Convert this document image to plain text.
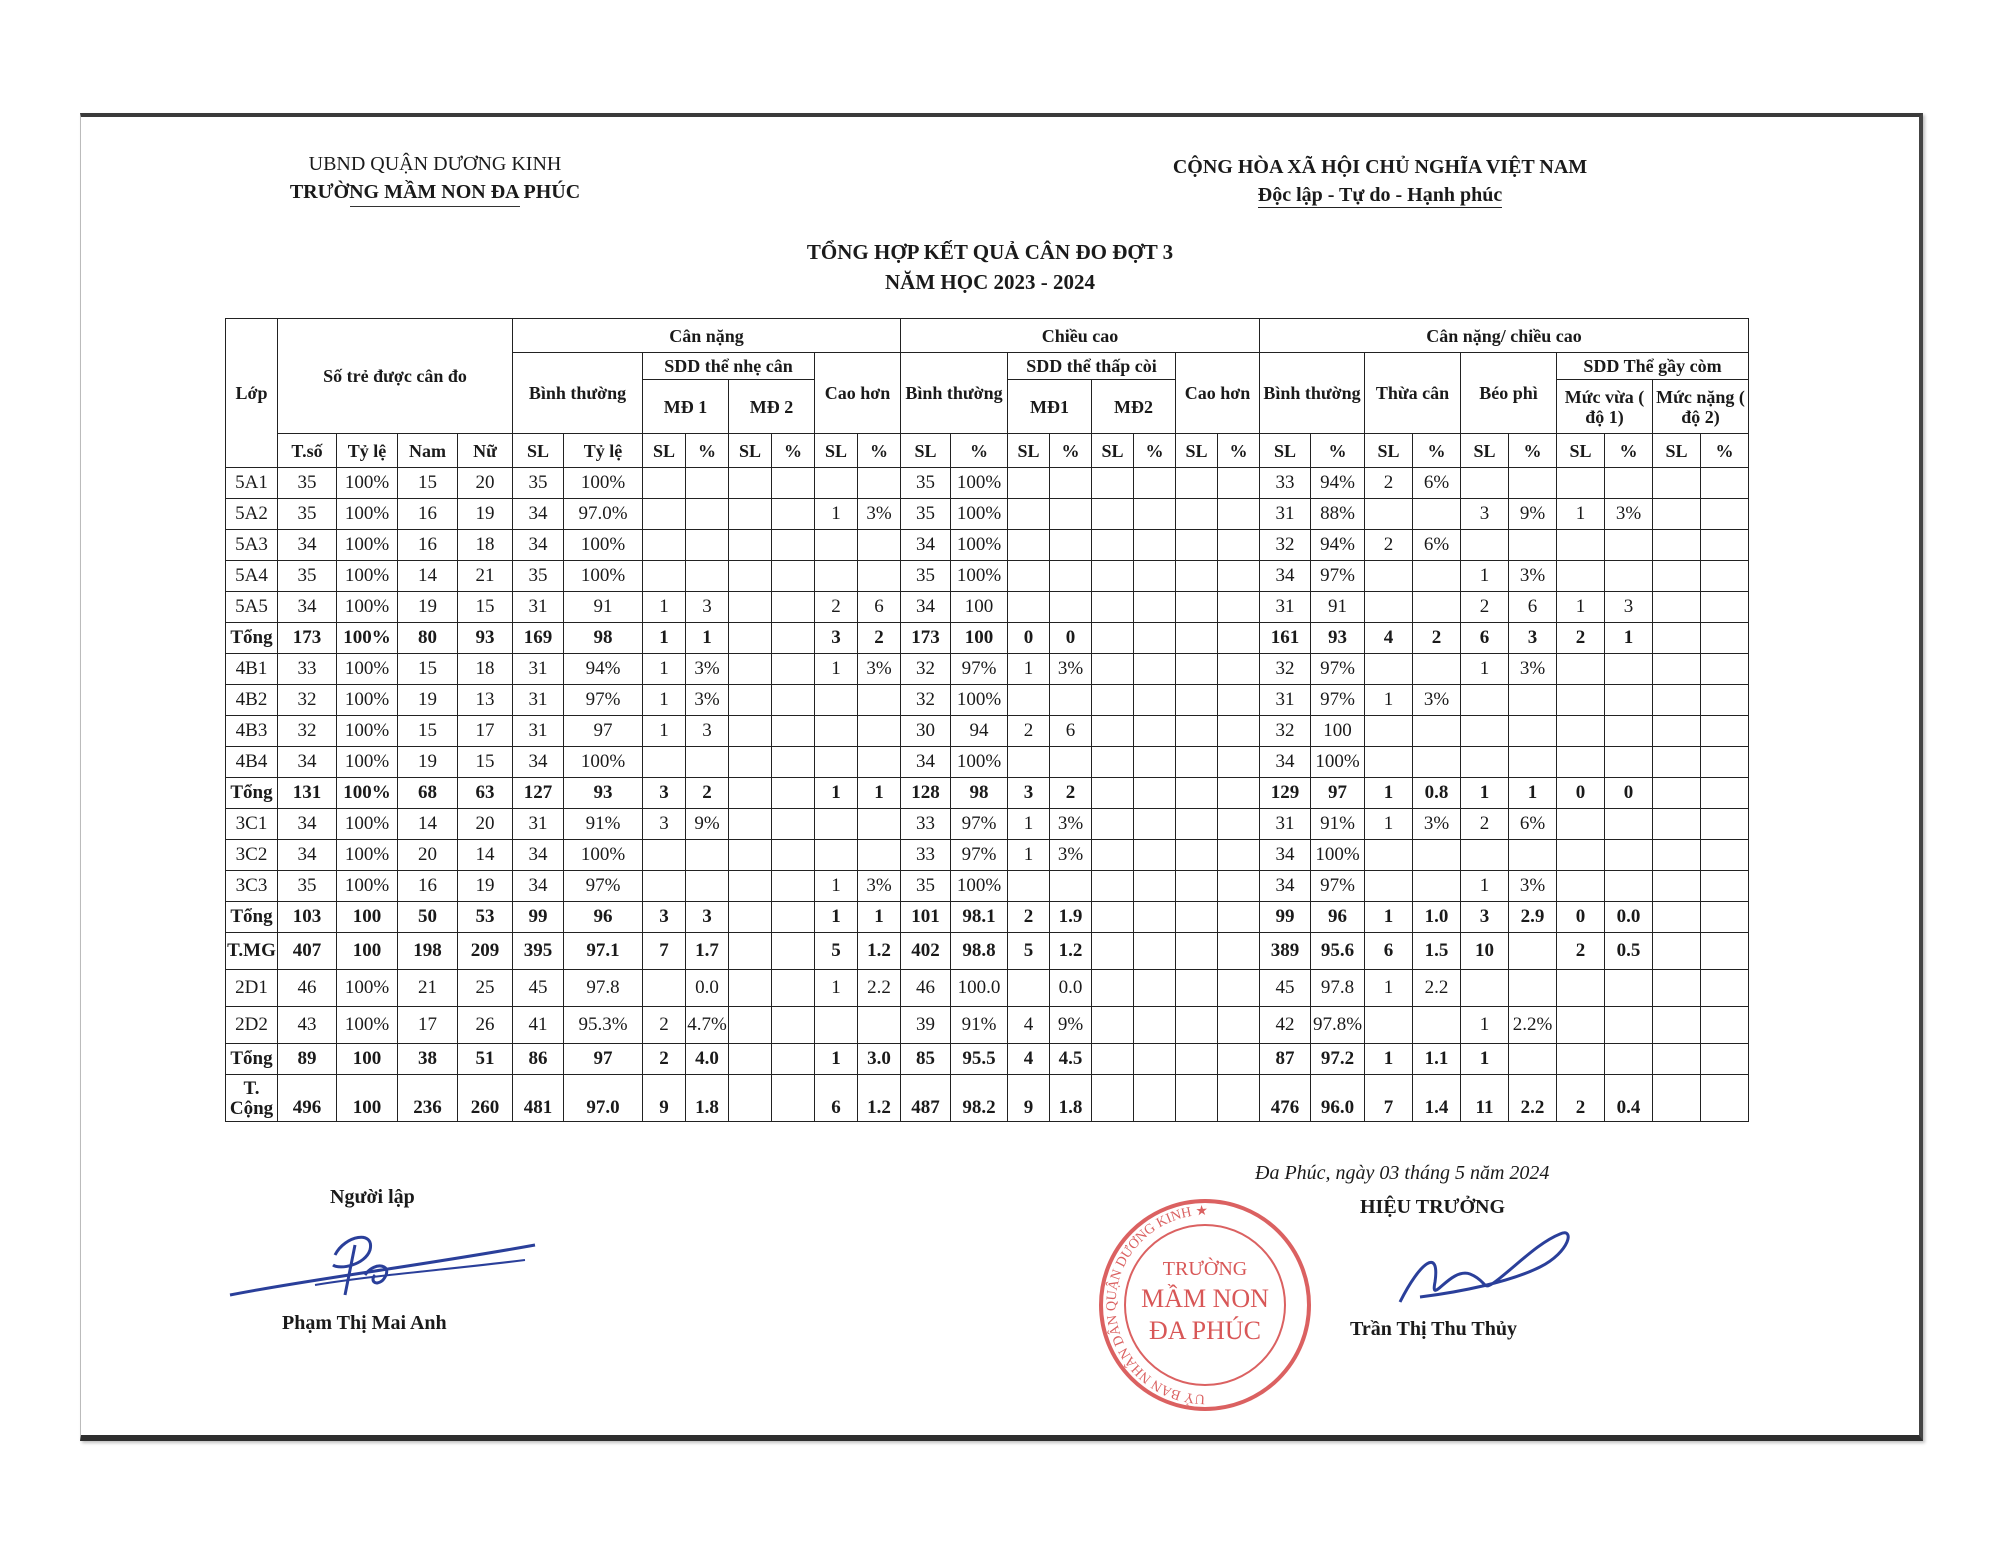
UBND QUẬN DƯƠNG KINH
TRƯỜNG MẦM NON ĐA PHÚC
CỘNG HÒA XÃ HỘI CHỦ NGHĨA VIỆT NAM
Độc lập - Tự do - Hạnh phúc
TỔNG HỢP KẾT QUẢ CÂN ĐO ĐỢT 3
NĂM HỌC 2023 - 2024
Lớp	Số trẻ được cân đo				Cân nặng								Chiều cao								Cân nặng/ chiều cao									
					Bình thường		SDD thể nhẹ cân				Cao hơn		Bình thường		SDD thể thấp còi				Cao hơn		Bình thường		Thừa cân		Béo phì		SDD Thể gầy còm			
							MĐ 1		MĐ 2						MĐ1		MĐ2										Mức vừa ( độ 1)		Mức nặng ( độ 2)	
	T.số	Tỷ lệ	Nam	Nữ	SL	Tỷ lệ	SL	%	SL	%	SL	%	SL	%	SL	%	SL	%	SL	%	SL	%	SL	%	SL	%	SL	%	SL	%
5A1	35	100%	15	20	35	100%							35	100%							33	94%	2	6%						
5A2	35	100%	16	19	34	97.0%					1	3%	35	100%							31	88%			3	9%	1	3%		
5A3	34	100%	16	18	34	100%							34	100%							32	94%	2	6%						
5A4	35	100%	14	21	35	100%							35	100%							34	97%			1	3%				
5A5	34	100%	19	15	31	91	1	3			2	6	34	100							31	91			2	6	1	3		
Tổng	173	100%	80	93	169	98	1	1			3	2	173	100	0	0					161	93	4	2	6	3	2	1		
4B1	33	100%	15	18	31	94%	1	3%			1	3%	32	97%	1	3%					32	97%			1	3%				
4B2	32	100%	19	13	31	97%	1	3%					32	100%							31	97%	1	3%						
4B3	32	100%	15	17	31	97	1	3					30	94	2	6					32	100								
4B4	34	100%	19	15	34	100%							34	100%							34	100%								
Tổng	131	100%	68	63	127	93	3	2			1	1	128	98	3	2					129	97	1	0.8	1	1	0	0		
3C1	34	100%	14	20	31	91%	3	9%					33	97%	1	3%					31	91%	1	3%	2	6%				
3C2	34	100%	20	14	34	100%							33	97%	1	3%					34	100%								
3C3	35	100%	16	19	34	97%					1	3%	35	100%							34	97%			1	3%				
Tổng	103	100	50	53	99	96	3	3			1	1	101	98.1	2	1.9					99	96	1	1.0	3	2.9	0	0.0		
T.MG	407	100	198	209	395	97.1	7	1.7			5	1.2	402	98.8	5	1.2					389	95.6	6	1.5	10		2	0.5		
2D1	46	100%	21	25	45	97.8		0.0			1	2.2	46	100.0		0.0					45	97.8	1	2.2						
2D2	43	100%	17	26	41	95.3%	2	4.7%					39	91%	4	9%					42	97.8%			1	2.2%				
Tổng	89	100	38	51	86	97	2	4.0			1	3.0	85	95.5	4	4.5					87	97.2	1	1.1	1					
T. Cộng	496	100	236	260	481	97.0	9	1.8			6	1.2	487	98.2	9	1.8					476	96.0	7	1.4	11	2.2	2	0.4		
Đa Phúc, ngày 03 tháng 5 năm 2024
Người lập
Phạm Thị Mai Anh
TRƯỜNG
MẦM NON
ĐA PHÚC
UỶ BAN NHÂN DÂN QUẬN DƯƠNG KINH ★	HIỆU TRƯỞNG
Trần Thị Thu Thủy
